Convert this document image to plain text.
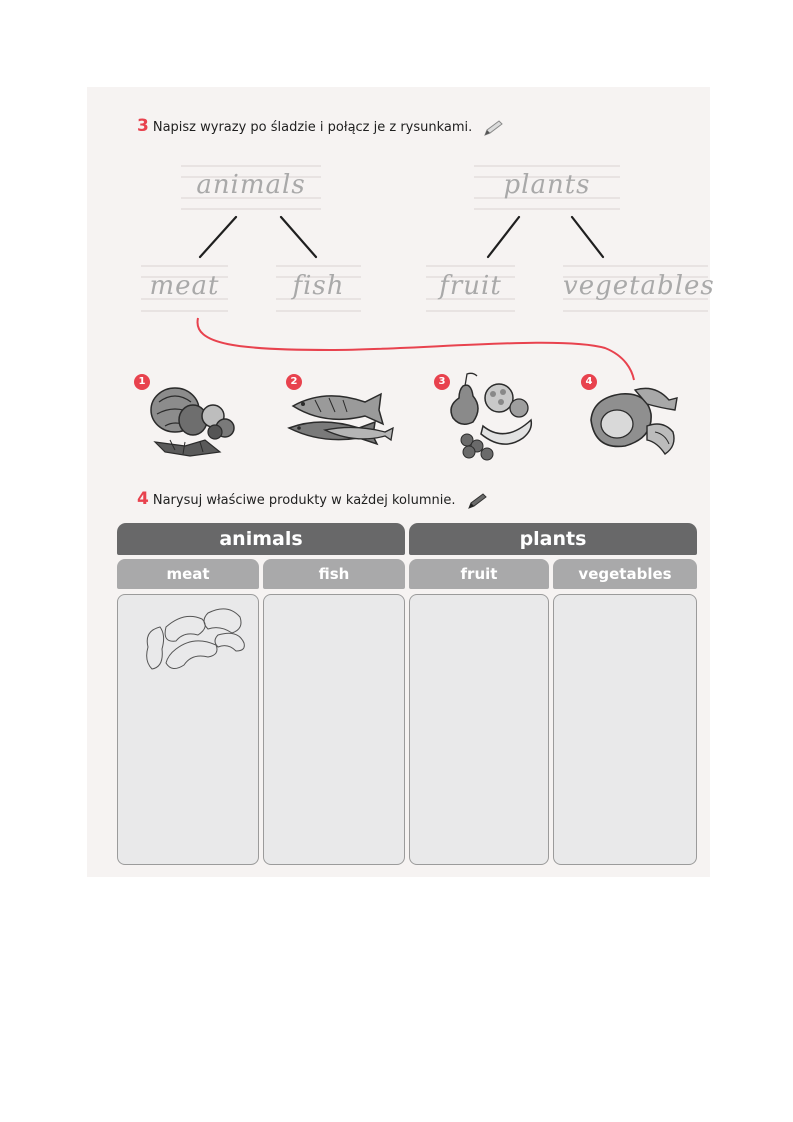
3 Napisz wyrazy po śladzie i połącz je z rysunkami.
animals	plants
meat	fish	fruit	vegetables
1	2	3	4
4 Narysuj właściwe produkty w każdej kolumnie.
animals	plants
meat	fish	fruit	vegetables
